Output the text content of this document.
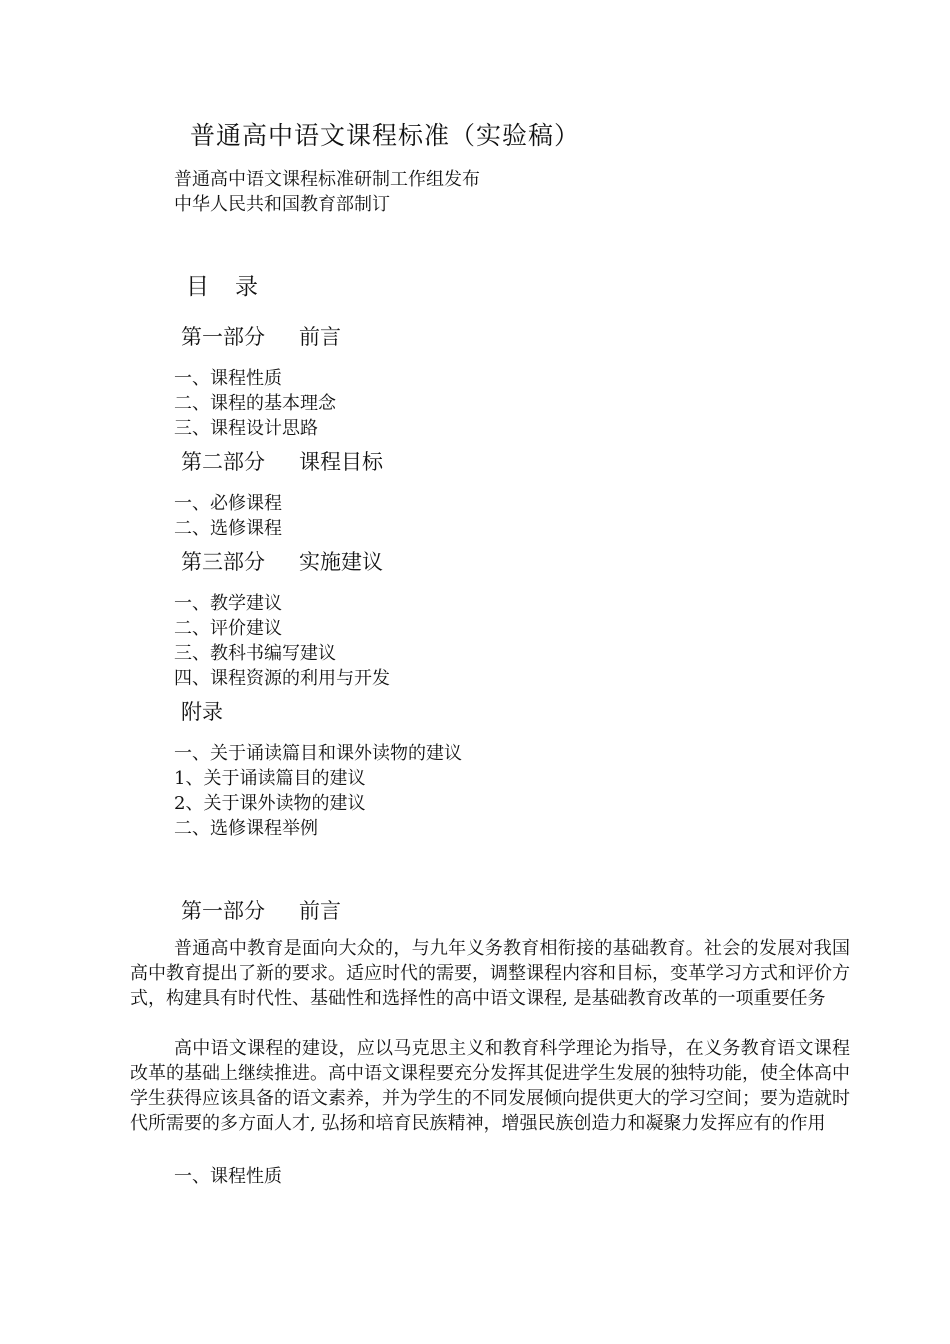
普通高中语文课程标准（实验稿）
普通高中语文课程标准研制工作组发布
中华人民共和国教育部制订
目 录
第一部分 前言
一、课程性质
二、课程的基本理念
三、课程设计思路
第二部分 课程目标
一、必修课程
二、选修课程
第三部分 实施建议
一、教学建议
二、评价建议
三、教科书编写建议
四、课程资源的利用与开发
附录
一、关于诵读篇目和课外读物的建议
1、关于诵读篇目的建议
2、关于课外读物的建议
二、选修课程举例
第一部分 前言
普通高中教育是面向大众的，与九年义务教育相衔接的基础教育。社会的发展对我国高中教育提出了新的要求。适应时代的需要，调整课程内容和目标，变革学习方式和评价方式，构建具有时代性、基础性和选择性的高中语文课程, 是基础教育改革的一项重要任务
高中语文课程的建设，应以马克思主义和教育科学理论为指导，在义务教育语文课程改革的基础上继续推进。高中语文课程要充分发挥其促进学生发展的独特功能，使全体高中学生获得应该具备的语文素养，并为学生的不同发展倾向提供更大的学习空间；要为造就时代所需要的多方面人才, 弘扬和培育民族精神，增强民族创造力和凝聚力发挥应有的作用
一、课程性质
